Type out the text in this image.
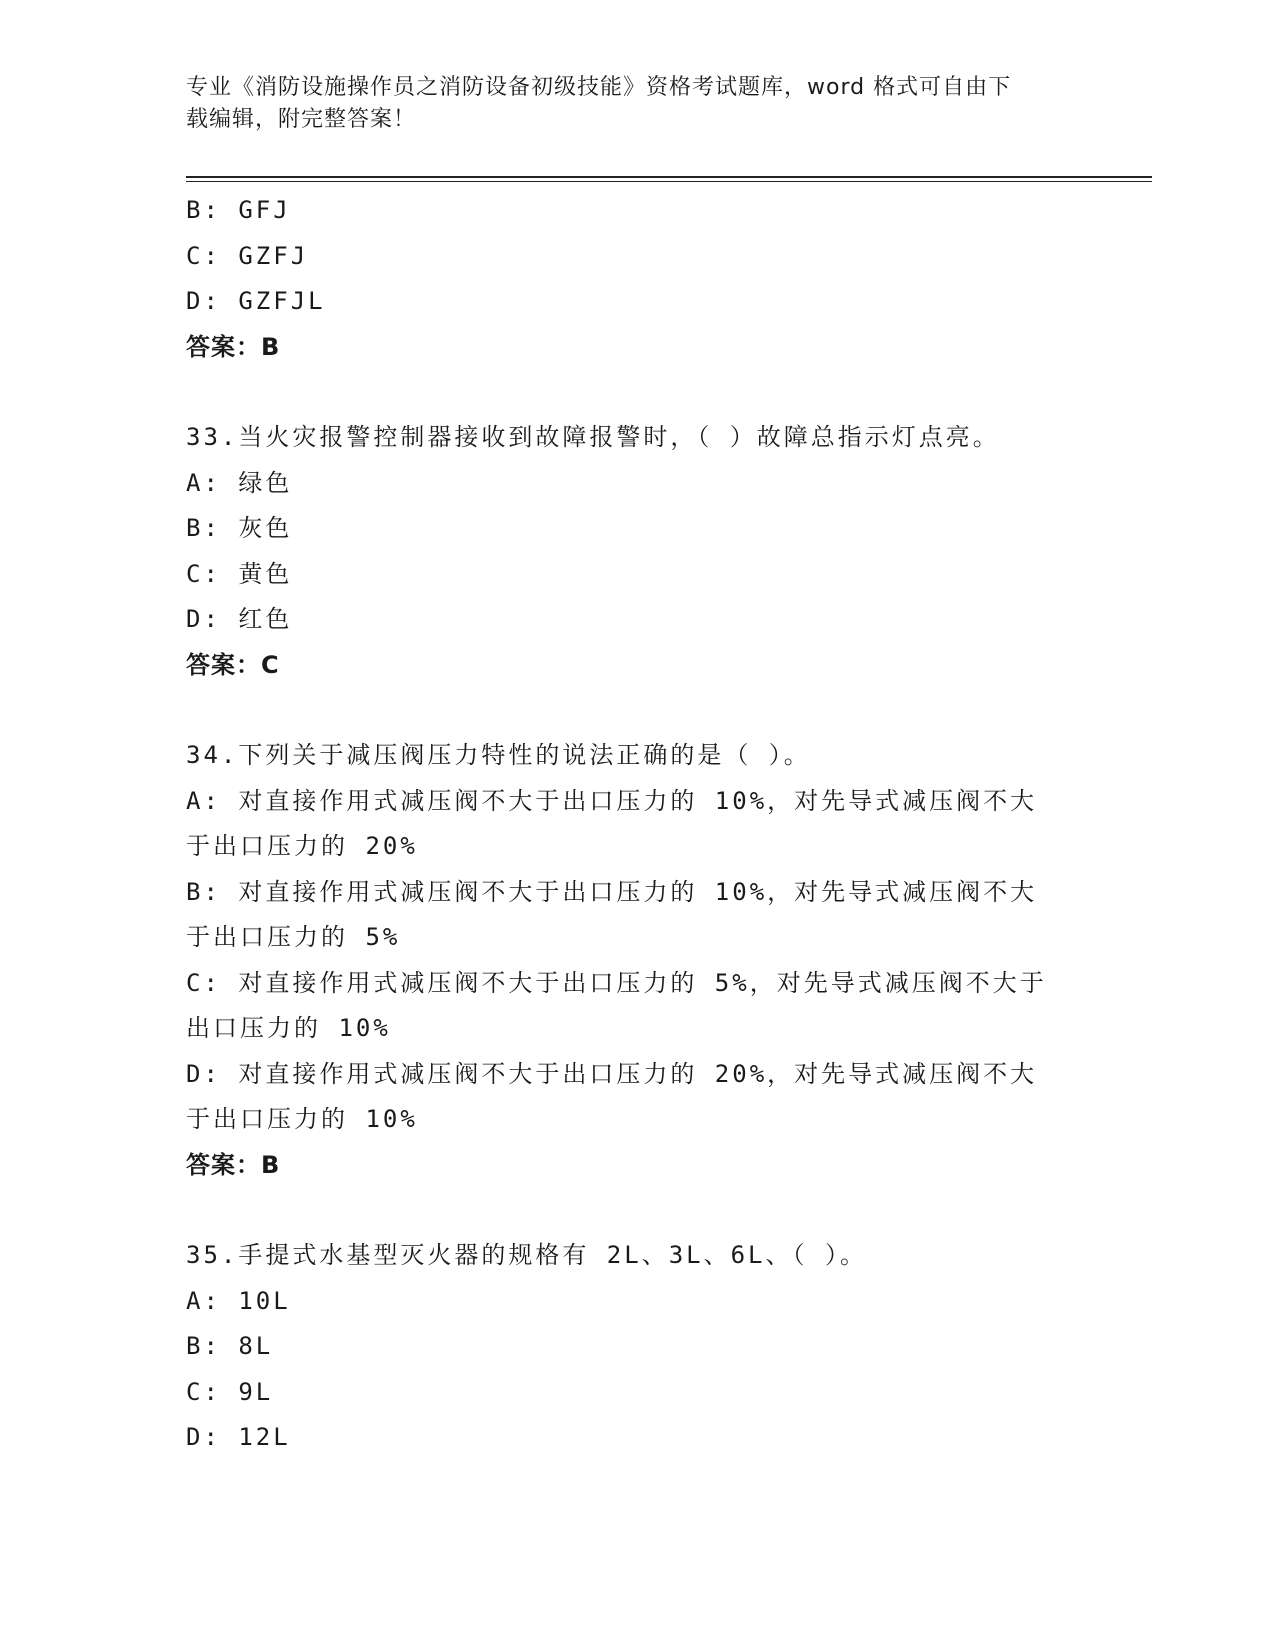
专业《消防设施操作员之消防设备初级技能》资格考试题库，word 格式可自由下
载编辑，附完整答案！
B: GFJ
C: GZFJ
D: GZFJL
答案：B
33.当火灾报警控制器接收到故障报警时，（ ）故障总指示灯点亮。
A: 绿色
B: 灰色
C: 黄色
D: 红色
答案：C
34.下列关于减压阀压力特性的说法正确的是（ ）。
A: 对直接作用式减压阀不大于出口压力的 10%，对先导式减压阀不大
于出口压力的 20%
B: 对直接作用式减压阀不大于出口压力的 10%，对先导式减压阀不大
于出口压力的 5%
C: 对直接作用式减压阀不大于出口压力的 5%，对先导式减压阀不大于
出口压力的 10%
D: 对直接作用式减压阀不大于出口压力的 20%，对先导式减压阀不大
于出口压力的 10%
答案：B
35.手提式水基型灭火器的规格有 2L、3L、6L、（ ）。
A: 10L
B: 8L
C: 9L
D: 12L
